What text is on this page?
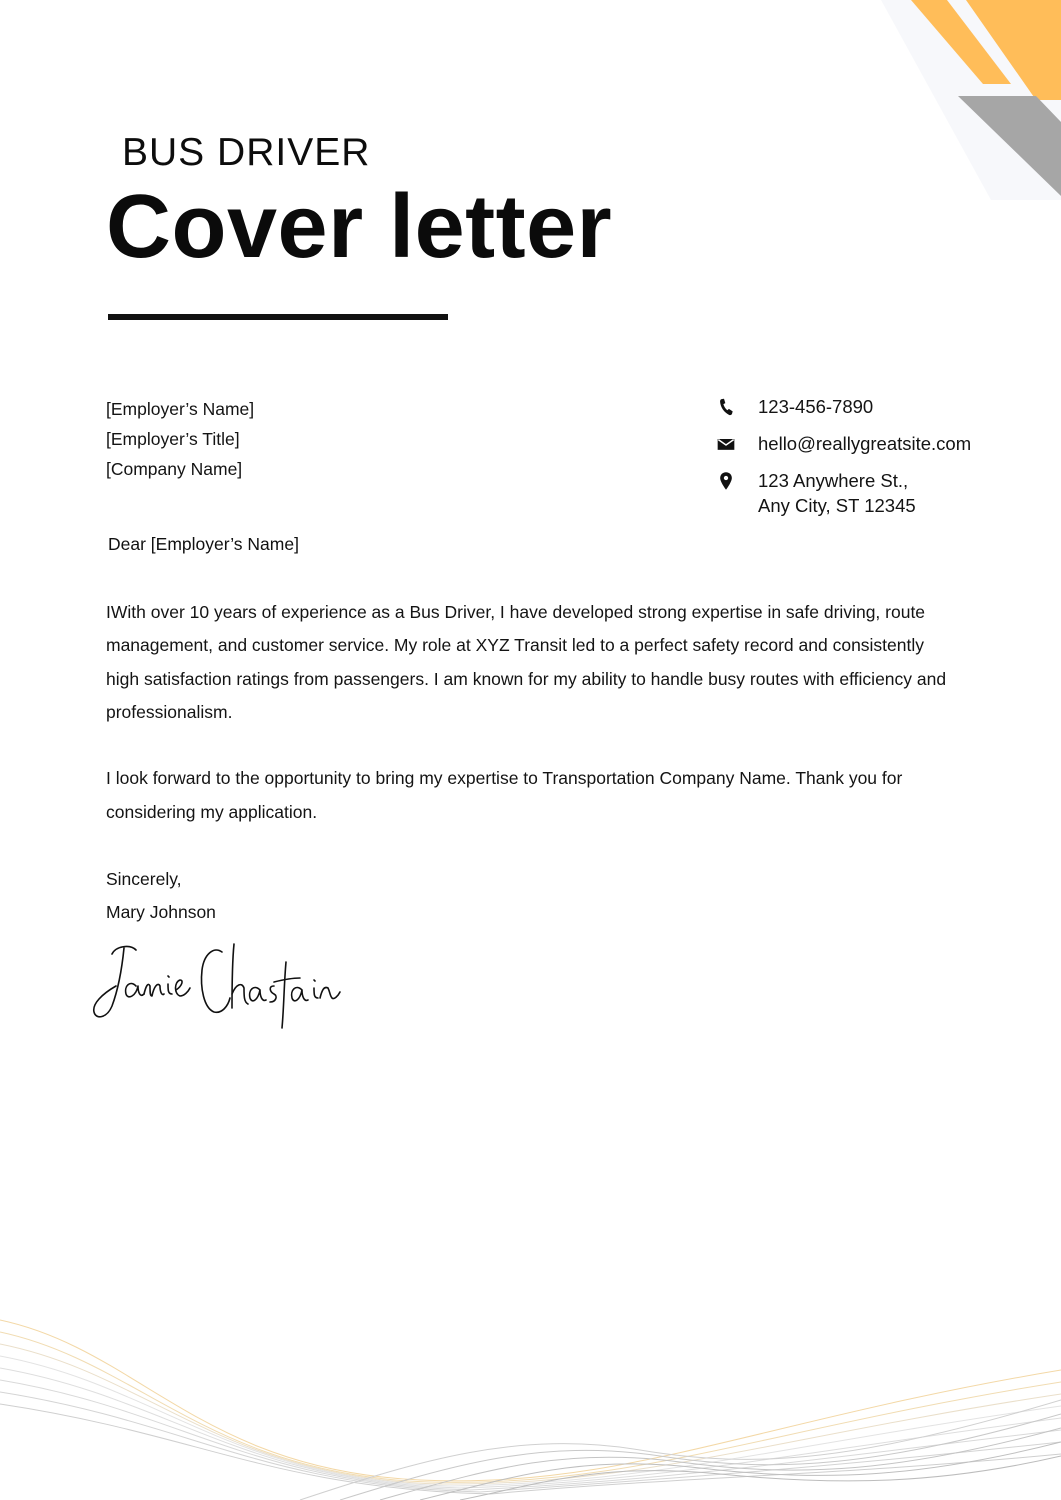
BUS DRIVER
Cover letter
[Employer’s Name]
[Employer’s Title]
[Company Name]
123-456-7890
hello@reallygreatsite.com
123 Anywhere St.,
Any City, ST 12345

Dear [Employer’s Name]

IWith over 10 years of experience as a Bus Driver, I have developed strong expertise in safe driving, route management, and customer service. My role at XYZ Transit led to a perfect safety record and consistently high satisfaction ratings from passengers. I am known for my ability to handle busy routes with efficiency and professionalism.

I look forward to the opportunity to bring my expertise to Transportation Company Name. Thank you for considering my application.

Sincerely,
Mary Johnson
